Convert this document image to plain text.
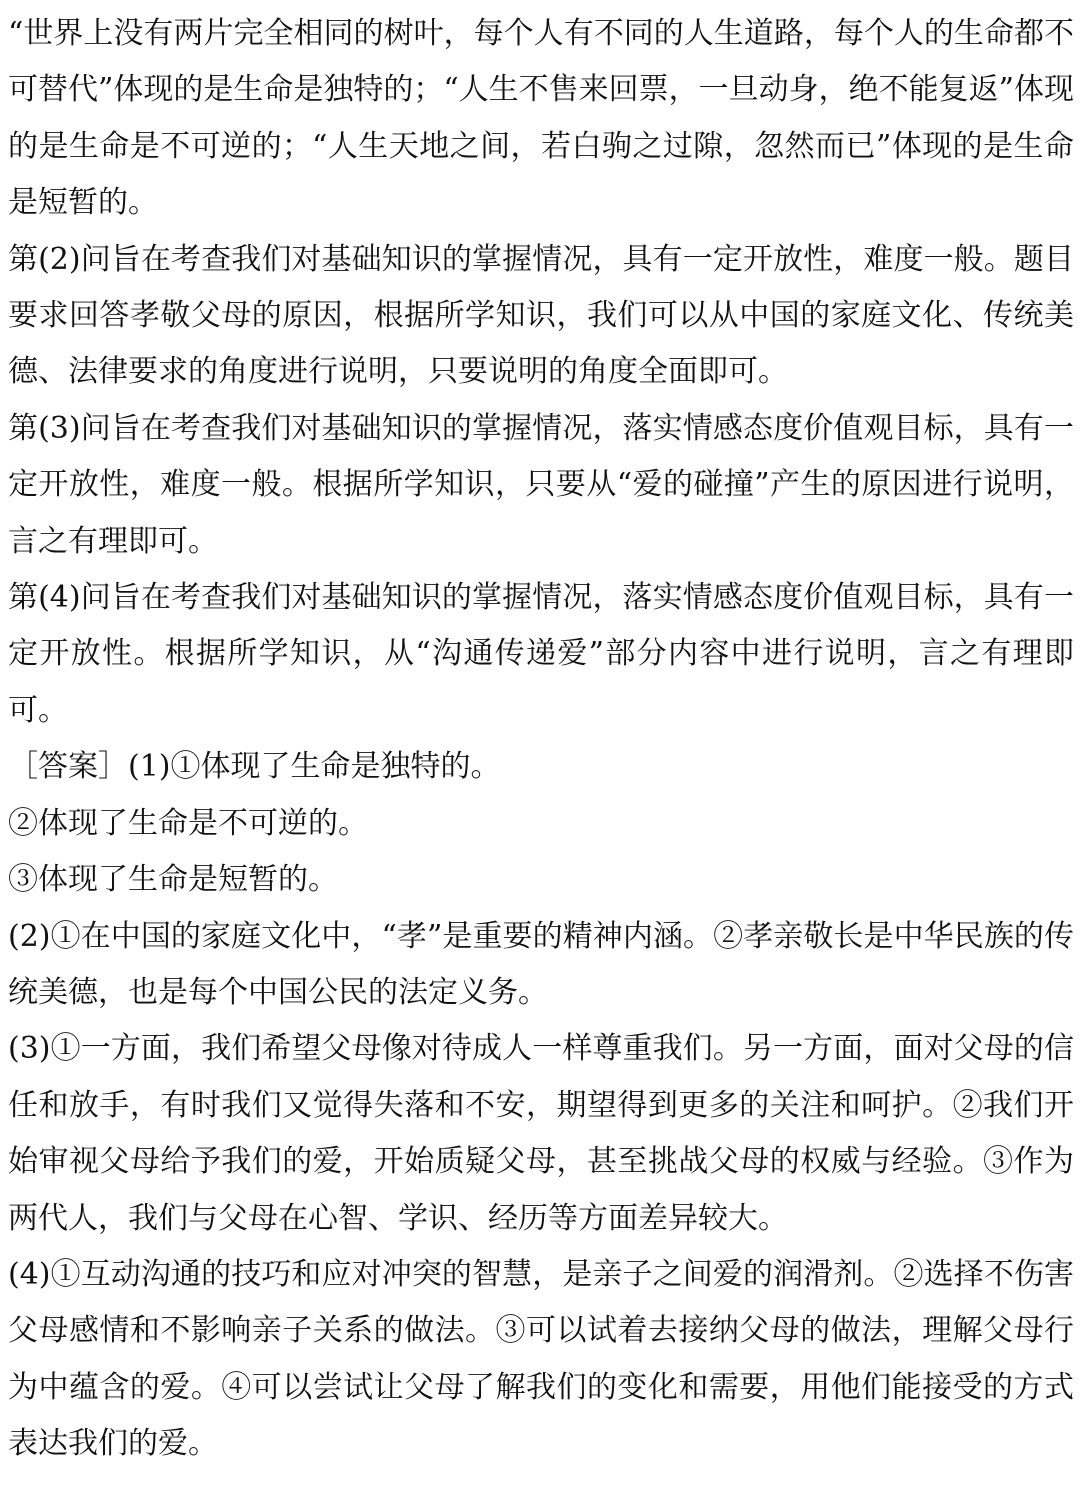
“世界上没有两片完全相同的树叶，每个人有不同的人生道路，每个人的生命都不可替代”体现的是生命是独特的；“人生不售来回票，一旦动身，绝不能复返”体现的是生命是不可逆的；“人生天地之间，若白驹之过隙，忽然而已”体现的是生命是短暂的。

第(2)问旨在考查我们对基础知识的掌握情况，具有一定开放性，难度一般。题目要求回答孝敬父母的原因，根据所学知识，我们可以从中国的家庭文化、传统美德、法律要求的角度进行说明，只要说明的角度全面即可。

第(3)问旨在考查我们对基础知识的掌握情况，落实情感态度价值观目标，具有一定开放性，难度一般。根据所学知识，只要从“爱的碰撞”产生的原因进行说明，言之有理即可。

第(4)问旨在考查我们对基础知识的掌握情况，落实情感态度价值观目标，具有一定开放性。根据所学知识，从“沟通传递爱”部分内容中进行说明，言之有理即可。

［答案］(1)①体现了生命是独特的。

②体现了生命是不可逆的。

③体现了生命是短暂的。

(2)①在中国的家庭文化中，“孝”是重要的精神内涵。②孝亲敬长是中华民族的传统美德，也是每个中国公民的法定义务。

(3)①一方面，我们希望父母像对待成人一样尊重我们。另一方面，面对父母的信任和放手，有时我们又觉得失落和不安，期望得到更多的关注和呵护。②我们开始审视父母给予我们的爱，开始质疑父母，甚至挑战父母的权威与经验。③作为两代人，我们与父母在心智、学识、经历等方面差异较大。

(4)①互动沟通的技巧和应对冲突的智慧，是亲子之间爱的润滑剂。②选择不伤害父母感情和不影响亲子关系的做法。③可以试着去接纳父母的做法，理解父母行为中蕴含的爱。④可以尝试让父母了解我们的变化和需要，用他们能接受的方式表达我们的爱。
